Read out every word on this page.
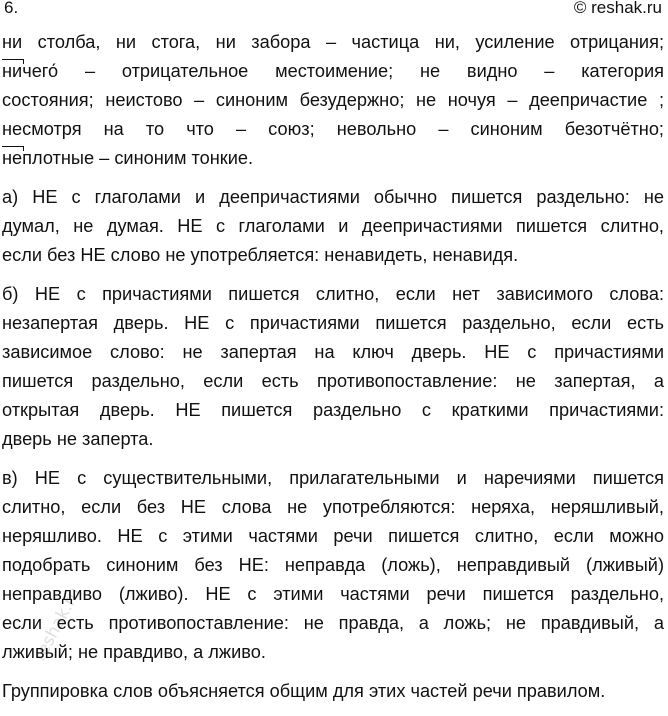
6.	© reshak.ru
ни столба, ни стога, ни забора – частица ни, усиление отрицания;
ничего́ – отрицательное местоимение; не видно – категория
состояния; неистово – синоним безудержно; не ночуя – деепричастие ;
несмотря на то что – союз; невольно – синоним безотчётно;
неплотные – синоним тонкие.
а) НЕ с глаголами и деепричастиями обычно пишется раздельно: не
думал, не думая. НЕ с глаголами и деепричастиями пишется слитно,
если без НЕ слово не употребляется: ненавидеть, ненавидя.
б) НЕ с причастиями пишется слитно, если нет зависимого слова:
незапертая дверь. НЕ с причастиями пишется раздельно, если есть
зависимое слово: не запертая на ключ дверь. НЕ с причастиями
пишется раздельно, если есть противопоставление: не запертая, а
открытая дверь. НЕ пишется раздельно с краткими причастиями:
дверь не заперта.
в) НЕ с существительными, прилагательными и наречиями пишется
слитно, если без НЕ слова не употребляются: неряха, неряшливый,
неряшливо. НЕ с этими частями речи пишется слитно, если можно
подобрать синоним без НЕ: неправда (ложь), неправдивый (лживый)
неправдиво (лживо). НЕ с этими частями речи пишется раздельно,
если есть противопоставление: не правда, а ложь; не правдивый, а
лживый; не правдиво, а лживо.
Группировка слов объясняется общим для этих частей речи правилом.
reshak.ru
